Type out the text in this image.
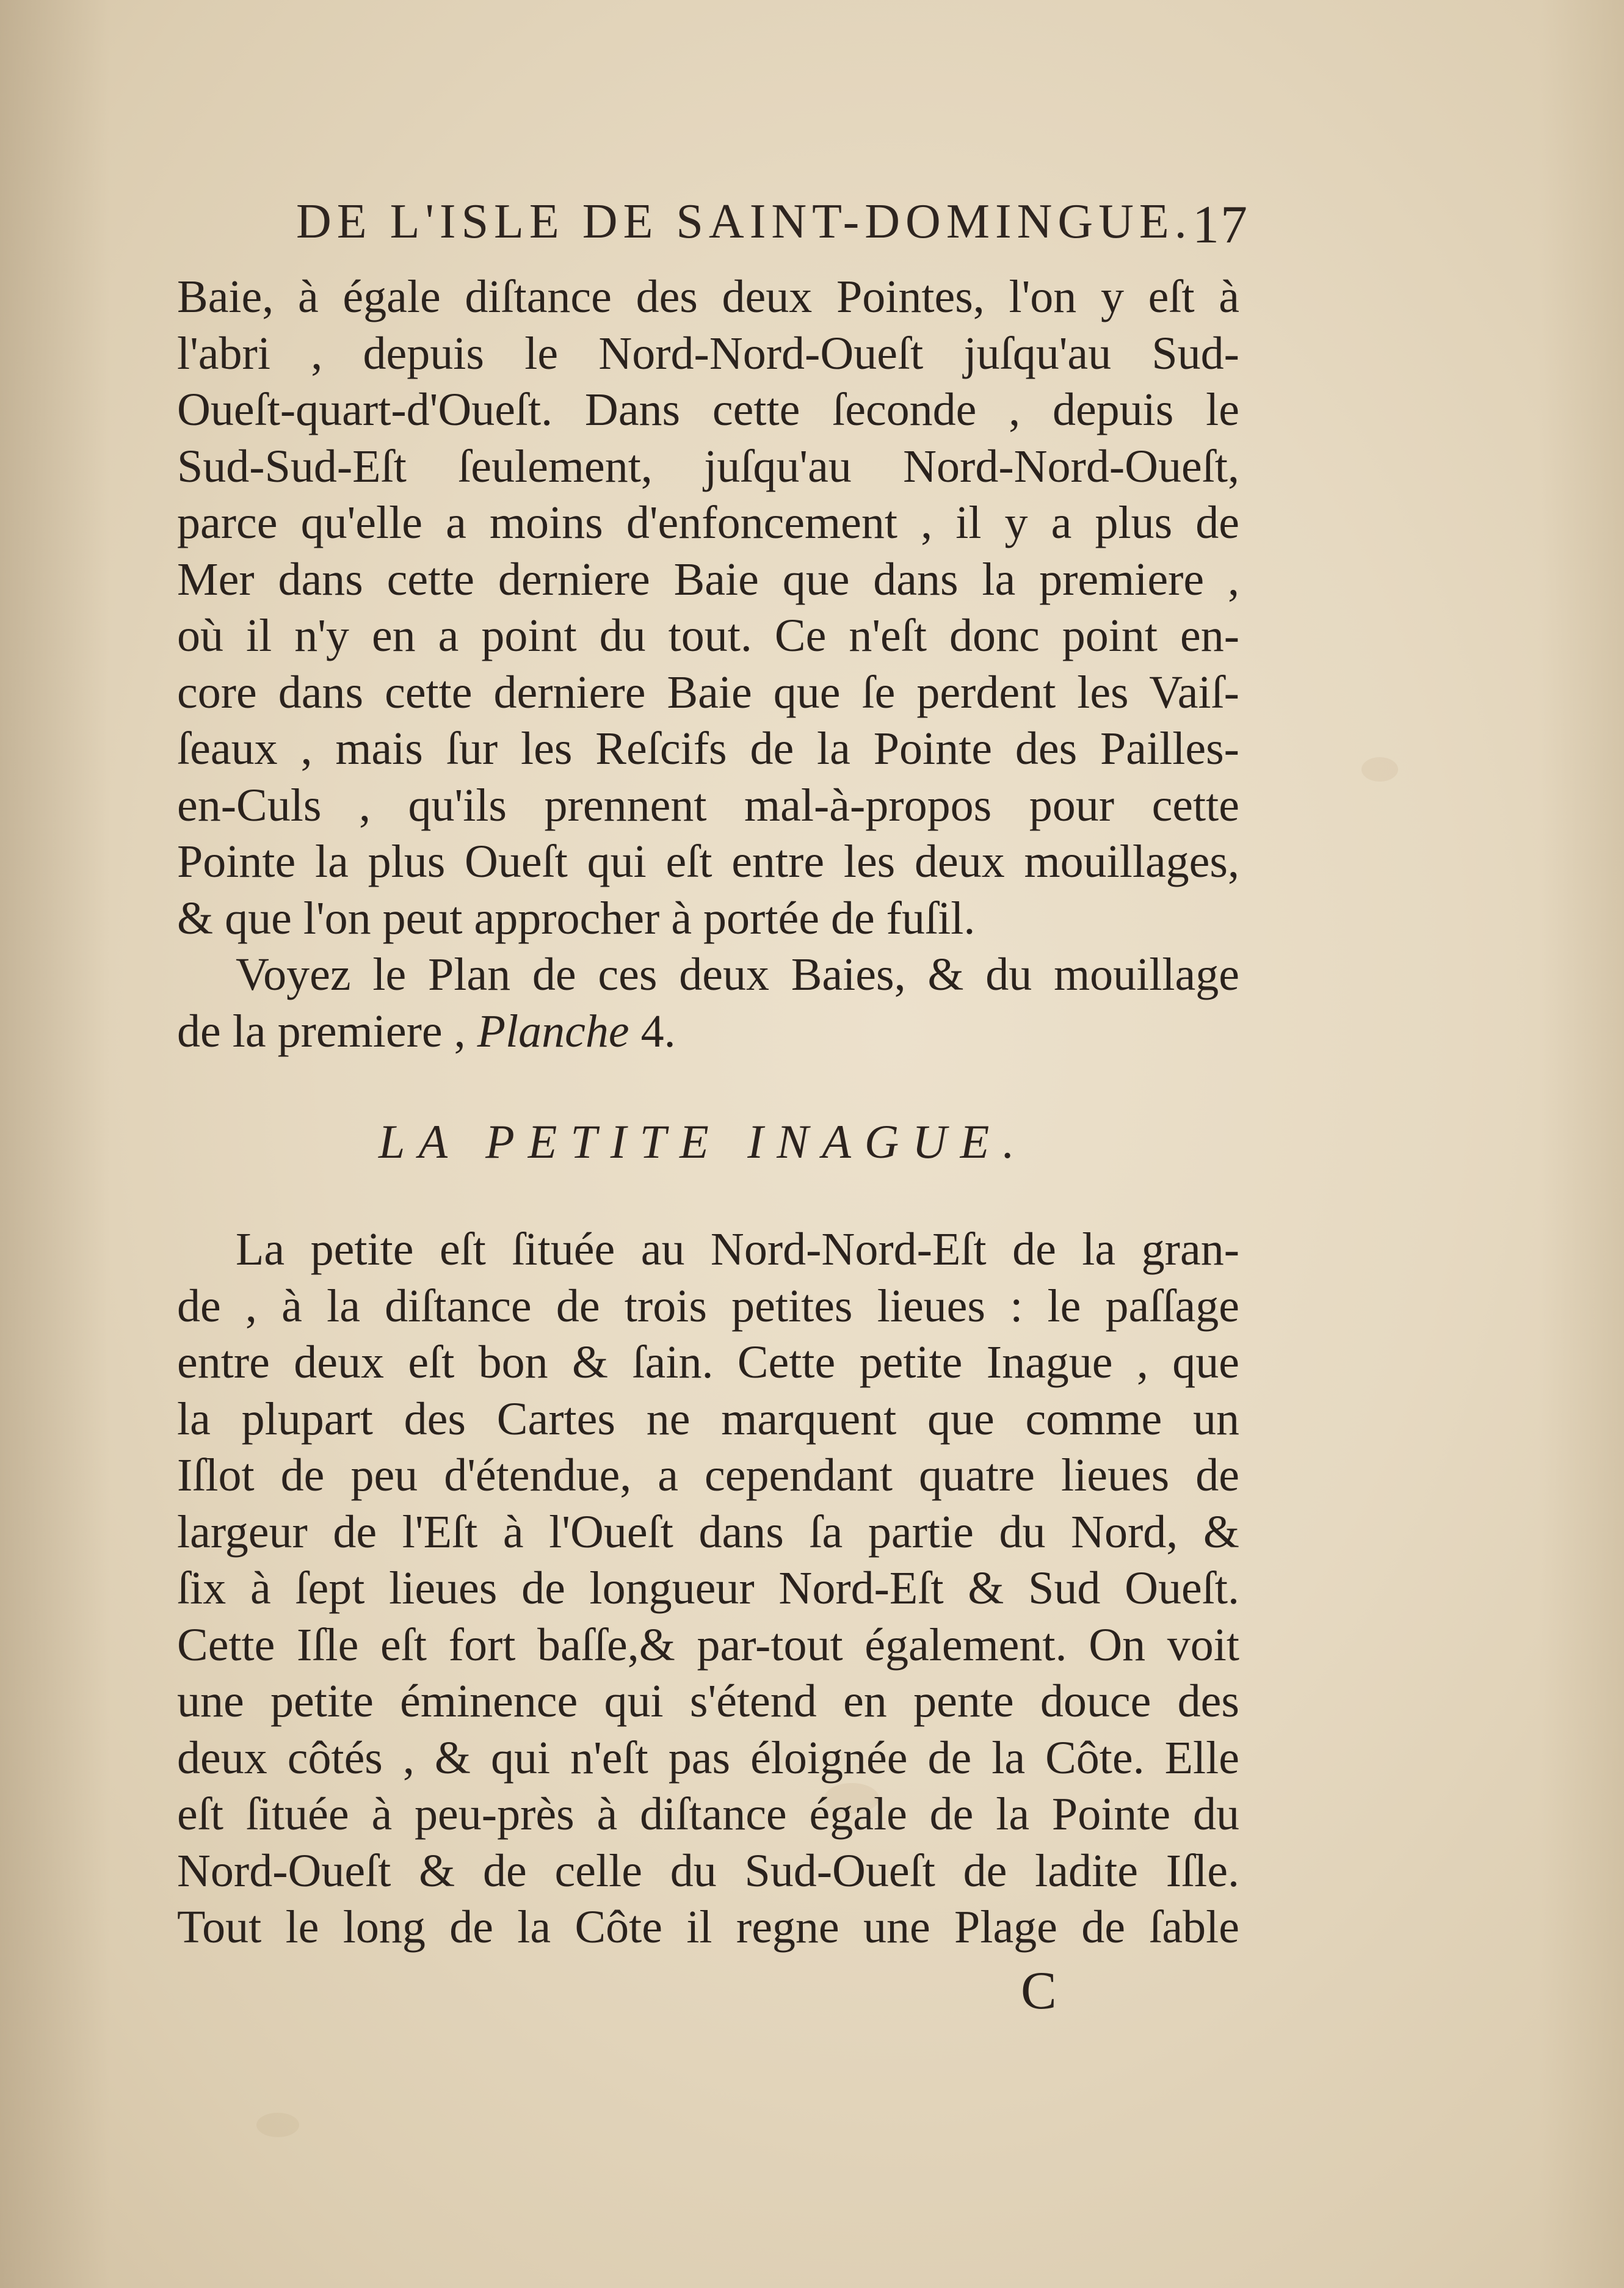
DE L'ISLE DE SAINT-DOMINGUE. 17
Baie, à égale diſtance des deux Pointes, l'on y eſt à
l'abri , depuis le Nord-Nord-Oueſt juſqu'au Sud-
Oueſt-quart-d'Oueſt. Dans cette ſeconde , depuis le
Sud-Sud-Eſt ſeulement, juſqu'au Nord-Nord-Oueſt,
parce qu'elle a moins d'enfoncement , il y a plus de
Mer dans cette derniere Baie que dans la premiere ,
où il n'y en a point du tout. Ce n'eſt donc point en-
core dans cette derniere Baie que ſe perdent les Vaiſ-
ſeaux , mais ſur les Reſcifs de la Pointe des Pailles-
en-Culs , qu'ils prennent mal-à-propos pour cette
Pointe la plus Oueſt qui eſt entre les deux mouillages,
& que l'on peut approcher à portée de fuſil.
Voyez le Plan de ces deux Baies, & du mouillage
de la premiere , Planche 4.
LA PETITE INAGUE.
La petite eſt ſituée au Nord-Nord-Eſt de la gran-
de , à la diſtance de trois petites lieues : le paſſage
entre deux eſt bon & ſain. Cette petite Inague , que
la plupart des Cartes ne marquent que comme un
Iſlot de peu d'étendue, a cependant quatre lieues de
largeur de l'Eſt à l'Oueſt dans ſa partie du Nord, &
ſix à ſept lieues de longueur Nord-Eſt & Sud Oueſt.
Cette Iſle eſt fort baſſe,& par-tout également. On voit
une petite éminence qui s'étend en pente douce des
deux côtés , & qui n'eſt pas éloignée de la Côte. Elle
eſt ſituée à peu-près à diſtance égale de la Pointe du
Nord-Oueſt & de celle du Sud-Oueſt de ladite Iſle.
Tout le long de la Côte il regne une Plage de ſable
C
